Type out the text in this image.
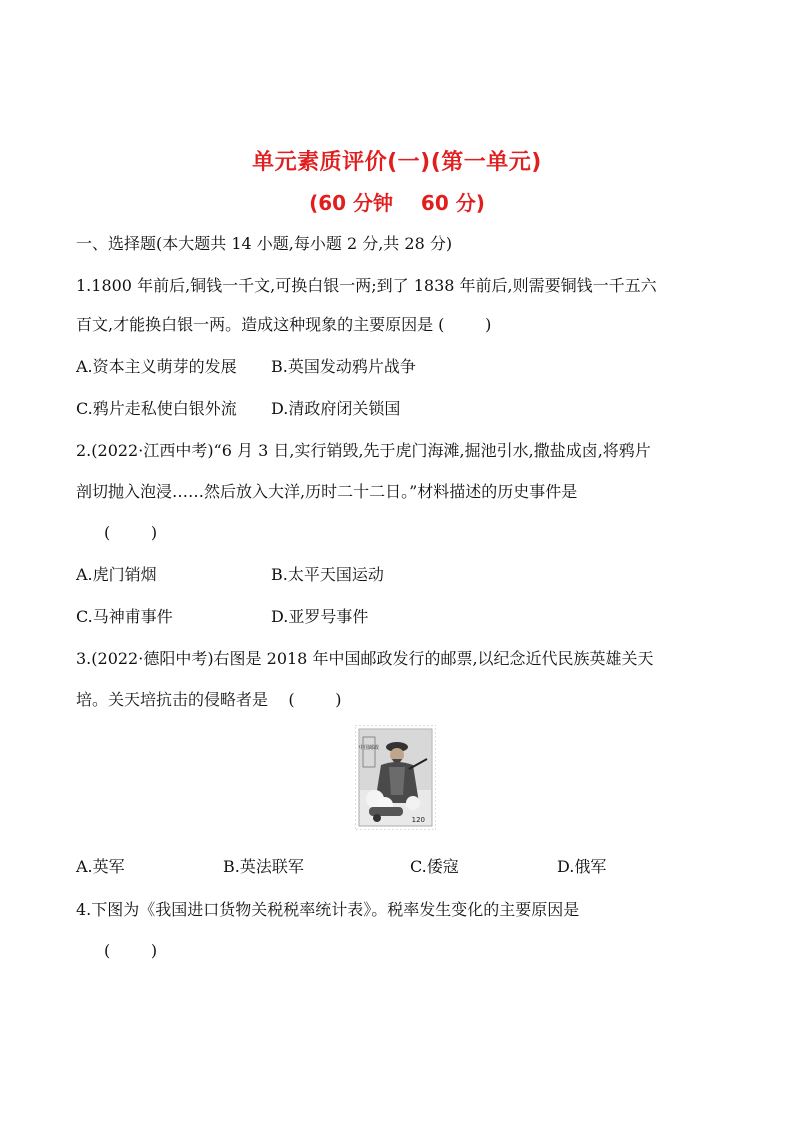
单元素质评价(一)(第一单元)
(60 分钟    60 分)
一、选择题(本大题共 14 小题,每小题 2 分,共 28 分)
1.1800 年前后,铜钱一千文,可换白银一两;到了 1838 年前后,则需要铜钱一千五六
百文,才能换白银一两。造成这种现象的主要原因是 (        )
A.资本主义萌芽的发展 B.英国发动鸦片战争
C.鸦片走私使白银外流 D.清政府闭关锁国
2.(2022·江西中考)“6 月 3 日,实行销毁,先于虎门海滩,掘池引水,撒盐成卤,将鸦片
剖切抛入泡浸……然后放入大洋,历时二十二日。”材料描述的历史事件是
(        )
A.虎门销烟	B.太平天国运动
C.马神甫事件	D.亚罗号事件
3.(2022·德阳中考)右图是 2018 年中国邮政发行的邮票,以纪念近代民族英雄关天
培。关天培抗击的侵略者是    (        )
中国邮政
120
A.英军	B.英法联军	C.倭寇	D.俄军
4.下图为《我国进口货物关税税率统计表》。税率发生变化的主要原因是
(        )
